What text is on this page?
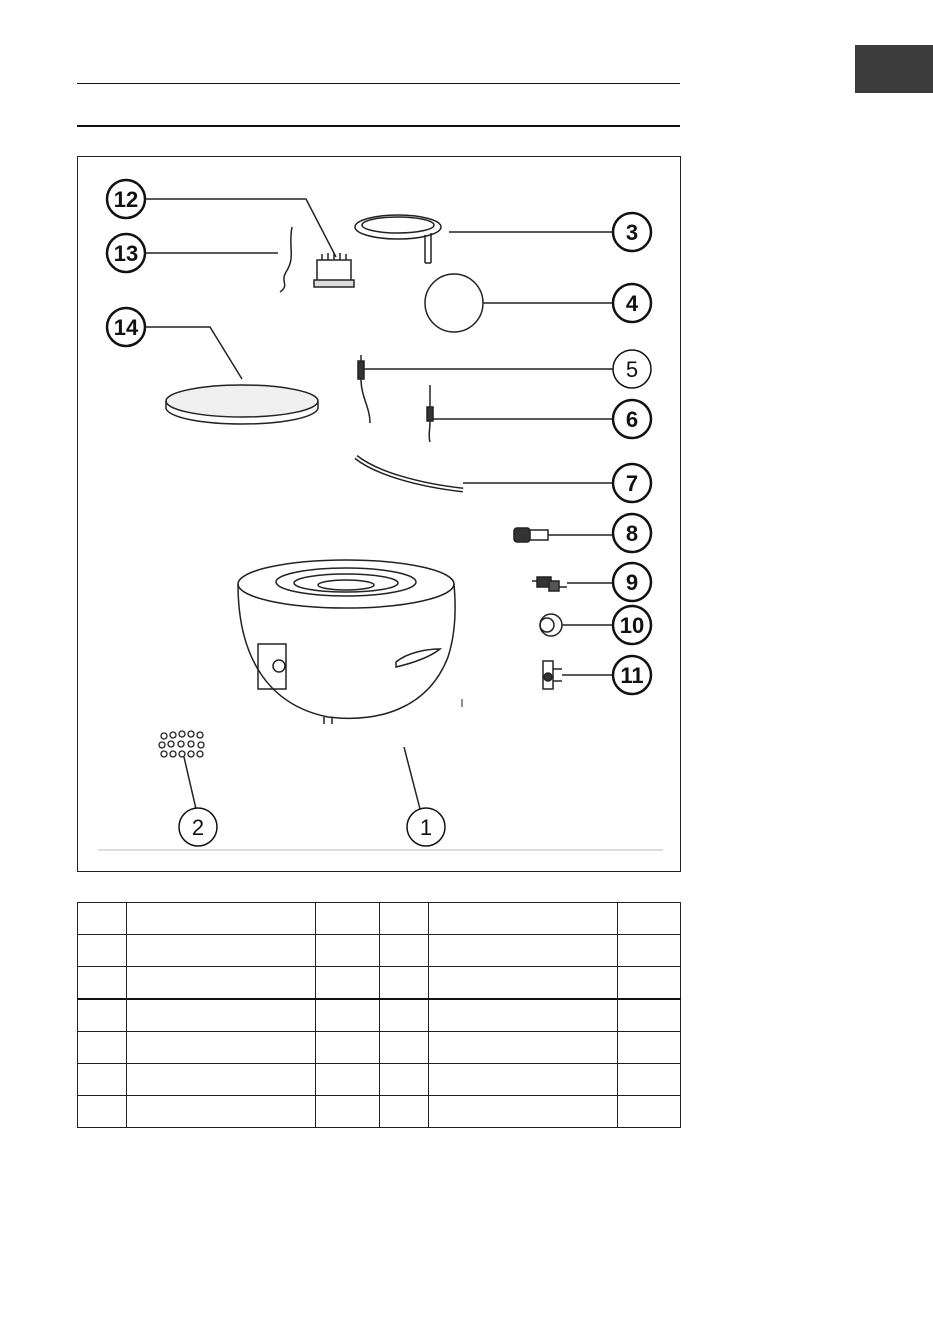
12
13
14
3
4
5
6
7
8
9
10
11
2	1
